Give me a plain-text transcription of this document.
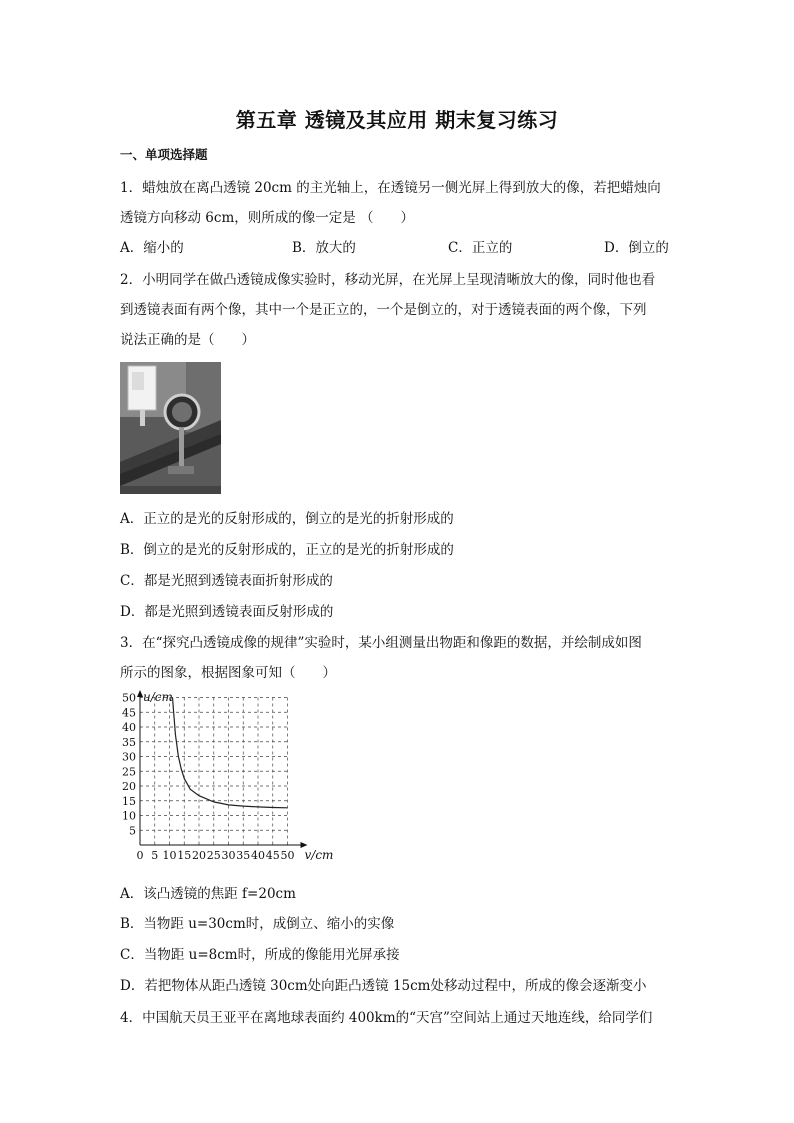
第五章 透镜及其应用 期末复习练习
一、单项选择题
1．蜡烛放在离凸透镜 20cm 的主光轴上，在透镜另一侧光屏上得到放大的像，若把蜡烛向
透镜方向移动 6cm，则所成的像一定是 （　　）
A．缩小的	B．放大的	C．正立的	D．倒立的
2．小明同学在做凸透镜成像实验时，移动光屏，在光屏上呈现清晰放大的像，同时他也看
到透镜表面有两个像，其中一个是正立的，一个是倒立的，对于透镜表面的两个像，下列
说法正确的是（　　）
A．正立的是光的反射形成的，倒立的是光的折射形成的
B．倒立的是光的反射形成的，正立的是光的折射形成的
C．都是光照到透镜表面折射形成的
D．都是光照到透镜表面反射形成的
3．在“探究凸透镜成像的规律”实验时，某小组测量出物距和像距的数据，并绘制成如图
所示的图象，根据图象可知（　　）
0 5 10 15 20 25 30 35 40 45 50
5
10
15
20
25
30
35
40
45
50 u/cm
v/cm
A．该凸透镜的焦距 f=20cm
B．当物距 u=30cm时，成倒立、缩小的实像
C．当物距 u=8cm时，所成的像能用光屏承接
D．若把物体从距凸透镜 30cm处向距凸透镜 15cm处移动过程中，所成的像会逐渐变小
4．中国航天员王亚平在离地球表面约 400km的“天宫”空间站上通过天地连线，给同学们
